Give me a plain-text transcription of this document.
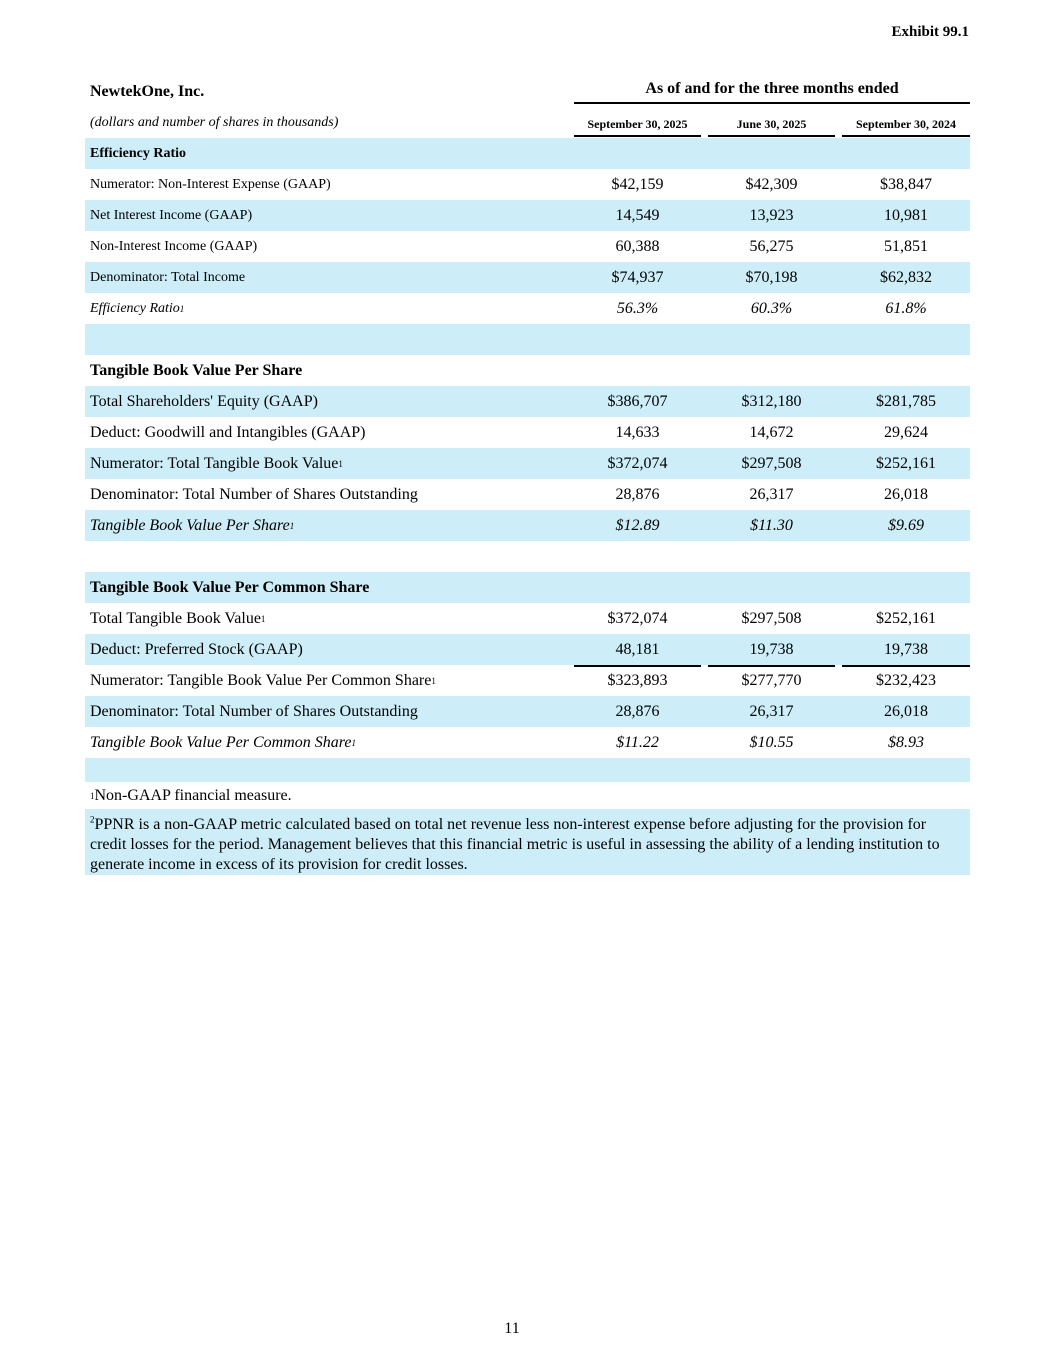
Exhibit 99.1
NewtekOne, Inc.	As of and for the three months ended
(dollars and number of shares in thousands)	September 30, 2025	June 30, 2025	September 30, 2024
Efficiency Ratio
Numerator: Non-Interest Expense (GAAP)	$42,159	$42,309	$38,847
Net Interest Income (GAAP)	14,549	13,923	10,981
Non-Interest Income (GAAP)	60,388	56,275	51,851
Denominator: Total Income	$74,937	$70,198	$62,832
Efficiency Ratio 1	56.3%	60.3%	61.8%
Tangible Book Value Per Share
Total Shareholders' Equity (GAAP)	$386,707	$312,180	$281,785
Deduct: Goodwill and Intangibles (GAAP)	14,633	14,672	29,624
Numerator: Total Tangible Book Value 1	$372,074	$297,508	$252,161
Denominator: Total Number of Shares Outstanding	28,876	26,317	26,018
Tangible Book Value Per Share 1	$12.89	$11.30	$9.69
Tangible Book Value Per Common Share
Total Tangible Book Value 1	$372,074	$297,508	$252,161
Deduct: Preferred Stock (GAAP)	48,181	19,738	19,738
Numerator: Tangible Book Value Per Common Share 1	$323,893	$277,770	$232,423
Denominator: Total Number of Shares Outstanding	28,876	26,317	26,018
Tangible Book Value Per Common Share 1	$11.22	$10.55	$8.93
1 Non-GAAP financial measure.
$^2$PPNR is a non-GAAP metric calculated based on total net revenue less non-interest expense before adjusting for the provision for credit losses for the period. Management believes that this financial metric is useful in assessing the ability of a lending institution to generate income in excess of its provision for credit losses.
11
